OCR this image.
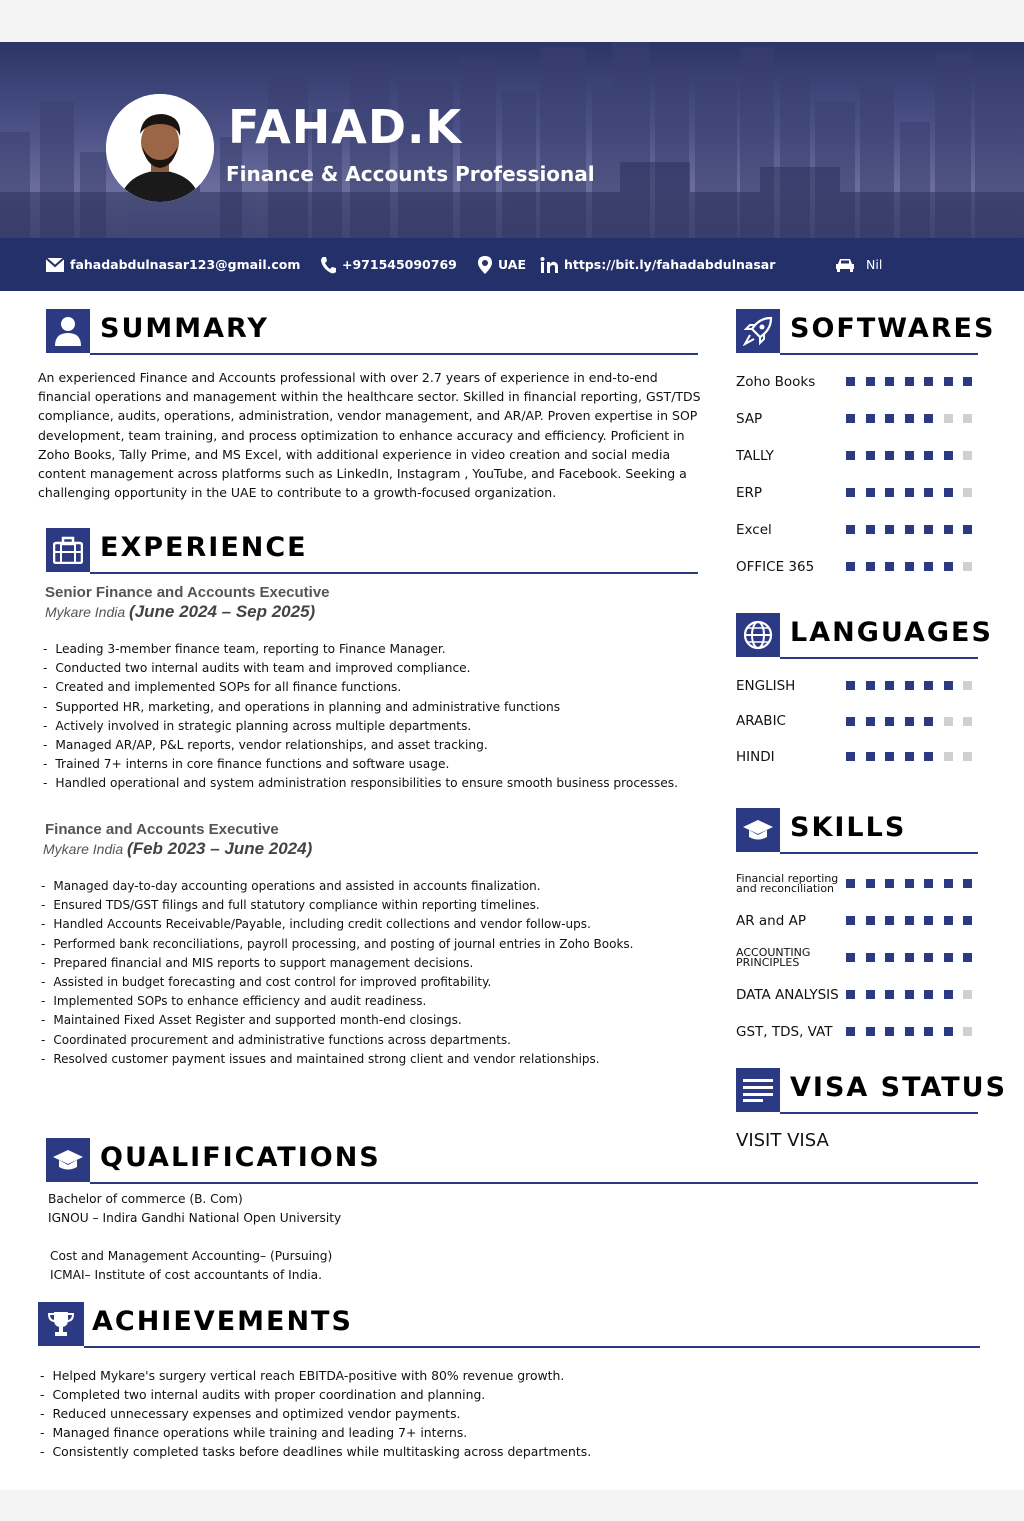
FAHAD.K
Finance & Accounts Professional
fahadabdulnasar123@gmail.com	+971545090769	UAE	https://bit.ly/fahadabdulnasar	Nil
SUMMARY
An experienced Finance and Accounts professional with over 2.7 years of experience in end-to-end financial operations and management within the healthcare sector. Skilled in financial reporting, GST/TDS compliance, audits, operations, administration, vendor management, and AR/AP. Proven expertise in SOP development, team training, and process optimization to enhance accuracy and efficiency. Proficient in Zoho Books, Tally Prime, and MS Excel, with additional experience in video creation and social media content management across platforms such as LinkedIn, Instagram , YouTube, and Facebook. Seeking a challenging opportunity in the UAE to contribute to a growth-focused organization.
EXPERIENCE
Senior Finance and Accounts Executive
Mykare India (June 2024 – Sep 2025)
- Leading 3-member finance team, reporting to Finance Manager.
- Conducted two internal audits with team and improved compliance.
- Created and implemented SOPs for all finance functions.
- Supported HR, marketing, and operations in planning and administrative functions
- Actively involved in strategic planning across multiple departments.
- Managed AR/AP, P&L reports, vendor relationships, and asset tracking.
- Trained 7+ interns in core finance functions and software usage.
- Handled operational and system administration responsibilities to ensure smooth business processes.
Finance and Accounts Executive
Mykare India (Feb 2023 – June 2024)
- Managed day-to-day accounting operations and assisted in accounts finalization.
- Ensured TDS/GST filings and full statutory compliance within reporting timelines.
- Handled Accounts Receivable/Payable, including credit collections and vendor follow-ups.
- Performed bank reconciliations, payroll processing, and posting of journal entries in Zoho Books.
- Prepared financial and MIS reports to support management decisions.
- Assisted in budget forecasting and cost control for improved profitability.
- Implemented SOPs to enhance efficiency and audit readiness.
- Maintained Fixed Asset Register and supported month-end closings.
- Coordinated procurement and administrative functions across departments.
- Resolved customer payment issues and maintained strong client and vendor relationships.
QUALIFICATIONS
Bachelor of commerce (B. Com)
IGNOU – Indira Gandhi National Open University
Cost and Management Accounting– (Pursuing)
ICMAI– Institute of cost accountants of India.
ACHIEVEMENTS
- Helped Mykare's surgery vertical reach EBITDA-positive with 80% revenue growth.
- Completed two internal audits with proper coordination and planning.
- Reduced unnecessary expenses and optimized vendor payments.
- Managed finance operations while training and leading 7+ interns.
- Consistently completed tasks before deadlines while multitasking across departments.
SOFTWARES
Zoho Books
SAP
TALLY
ERP
Excel
OFFICE 365
LANGUAGES
ENGLISH
ARABIC
HINDI
SKILLS
Financial reporting and reconciliation
AR and AP
ACCOUNTING PRINCIPLES
DATA ANALYSIS
GST, TDS, VAT
VISA STATUS
VISIT VISA
